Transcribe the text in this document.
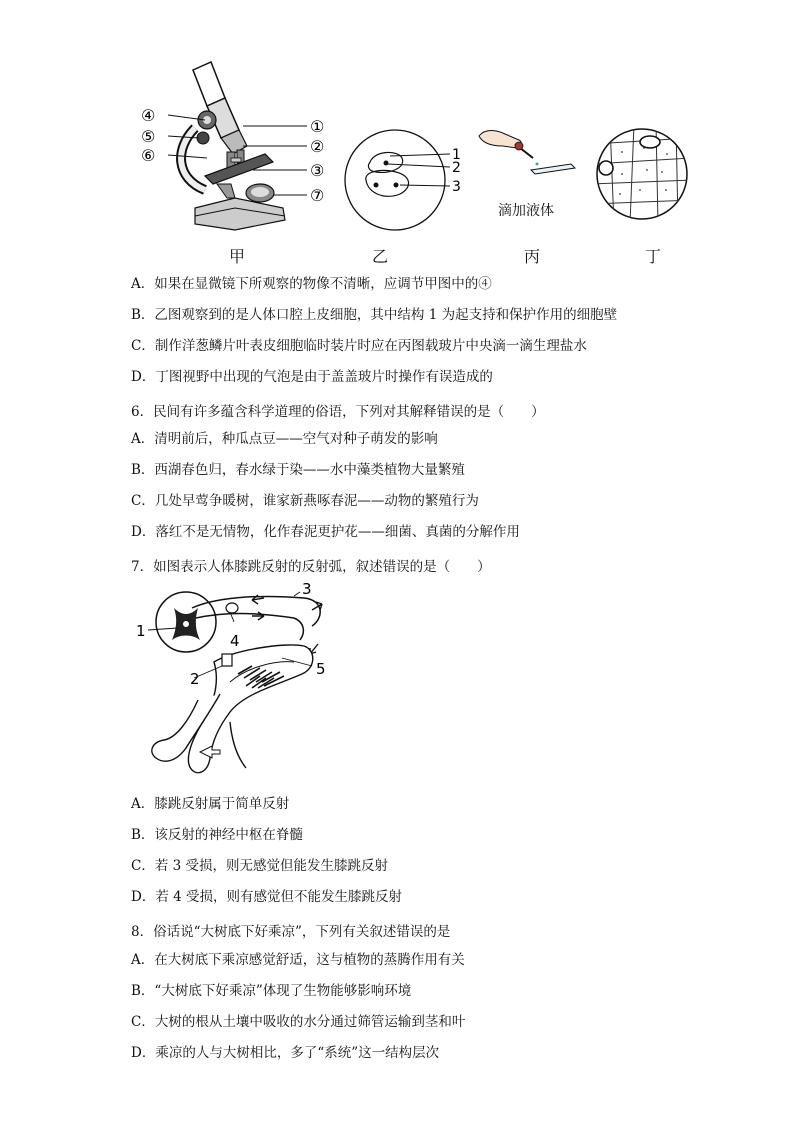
④
⑤
⑥
①
②
③
⑦
1
2
3
滴加液体
甲	乙	丙	丁
A．如果在显微镜下所观察的物像不清晰，应调节甲图中的④
B．乙图观察到的是人体口腔上皮细胞，其中结构 1 为起支持和保护作用的细胞壁
C．制作洋葱鳞片叶表皮细胞临时装片时应在丙图载玻片中央滴一滴生理盐水
D．丁图视野中出现的气泡是由于盖盖玻片时操作有误造成的
6．民间有许多蕴含科学道理的俗语，下列对其解释错误的是（　　）
A．清明前后，种瓜点豆——空气对种子萌发的影响
B．西湖春色归，春水绿于染——水中藻类植物大量繁殖
C．几处早莺争暖树，谁家新燕啄春泥——动物的繁殖行为
D．落红不是无情物，化作春泥更护花——细菌、真菌的分解作用
7．如图表示人体膝跳反射的反射弧，叙述错误的是（　　）
1
2
3
4
5
A．膝跳反射属于简单反射
B．该反射的神经中枢在脊髓
C．若 3 受损，则无感觉但能发生膝跳反射
D．若 4 受损，则有感觉但不能发生膝跳反射
8．俗话说“大树底下好乘凉”，下列有关叙述错误的是
A．在大树底下乘凉感觉舒适，这与植物的蒸腾作用有关
B．“大树底下好乘凉”体现了生物能够影响环境
C．大树的根从土壤中吸收的水分通过筛管运输到茎和叶
D．乘凉的人与大树相比，多了“系统”这一结构层次
